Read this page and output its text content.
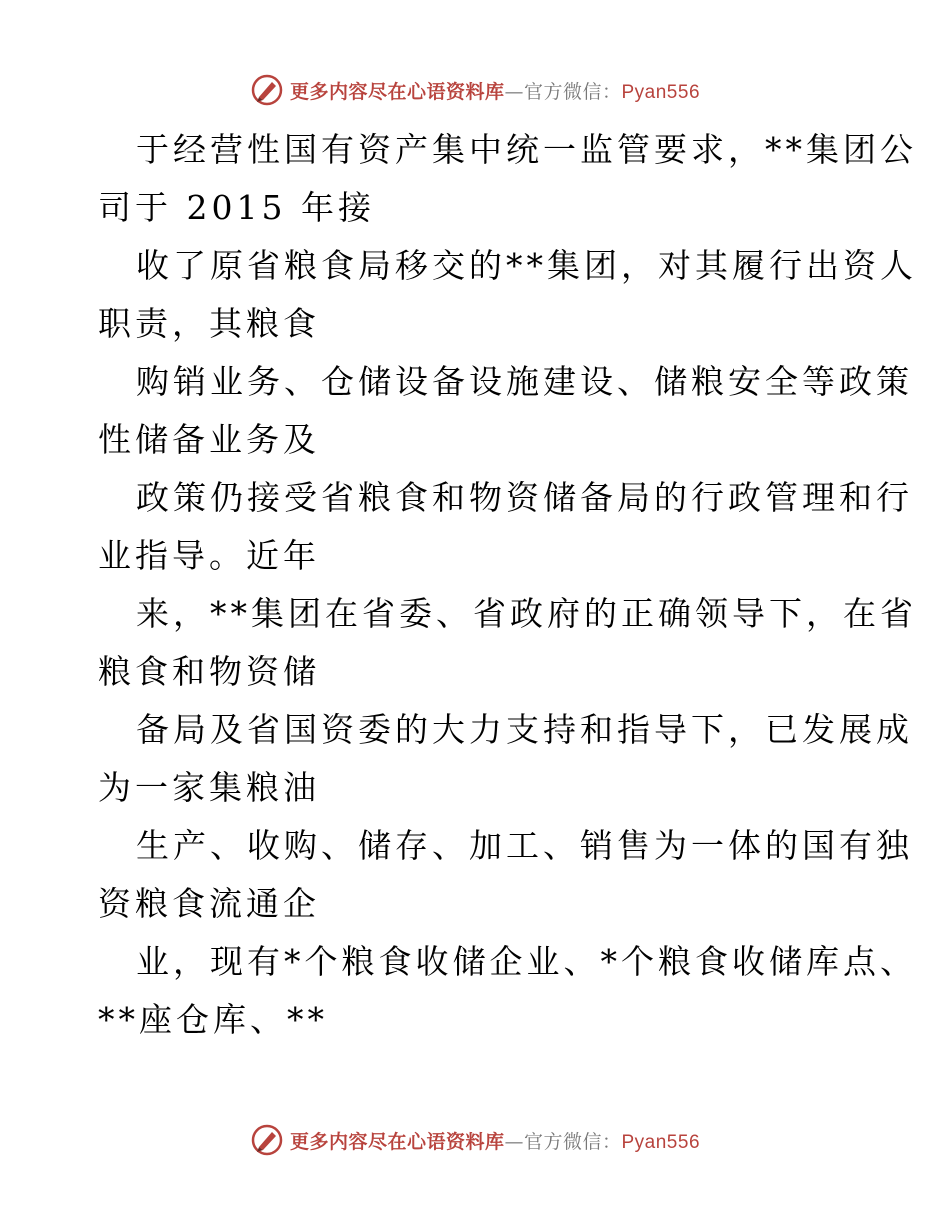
更多内容尽在心语资料库—官方微信：Pyan556
于经营性国有资产集中统一监管要求，**集团公
司于 2015 年接
收了原省粮食局移交的**集团，对其履行出资人
职责，其粮食
购销业务、仓储设备设施建设、储粮安全等政策
性储备业务及
政策仍接受省粮食和物资储备局的行政管理和行
业指导。近年
来，**集团在省委、省政府的正确领导下，在省
粮食和物资储
备局及省国资委的大力支持和指导下，已发展成
为一家集粮油
生产、收购、储存、加工、销售为一体的国有独
资粮食流通企
业，现有*个粮食收储企业、*个粮食收储库点、
**座仓库、**
更多内容尽在心语资料库—官方微信：Pyan556
